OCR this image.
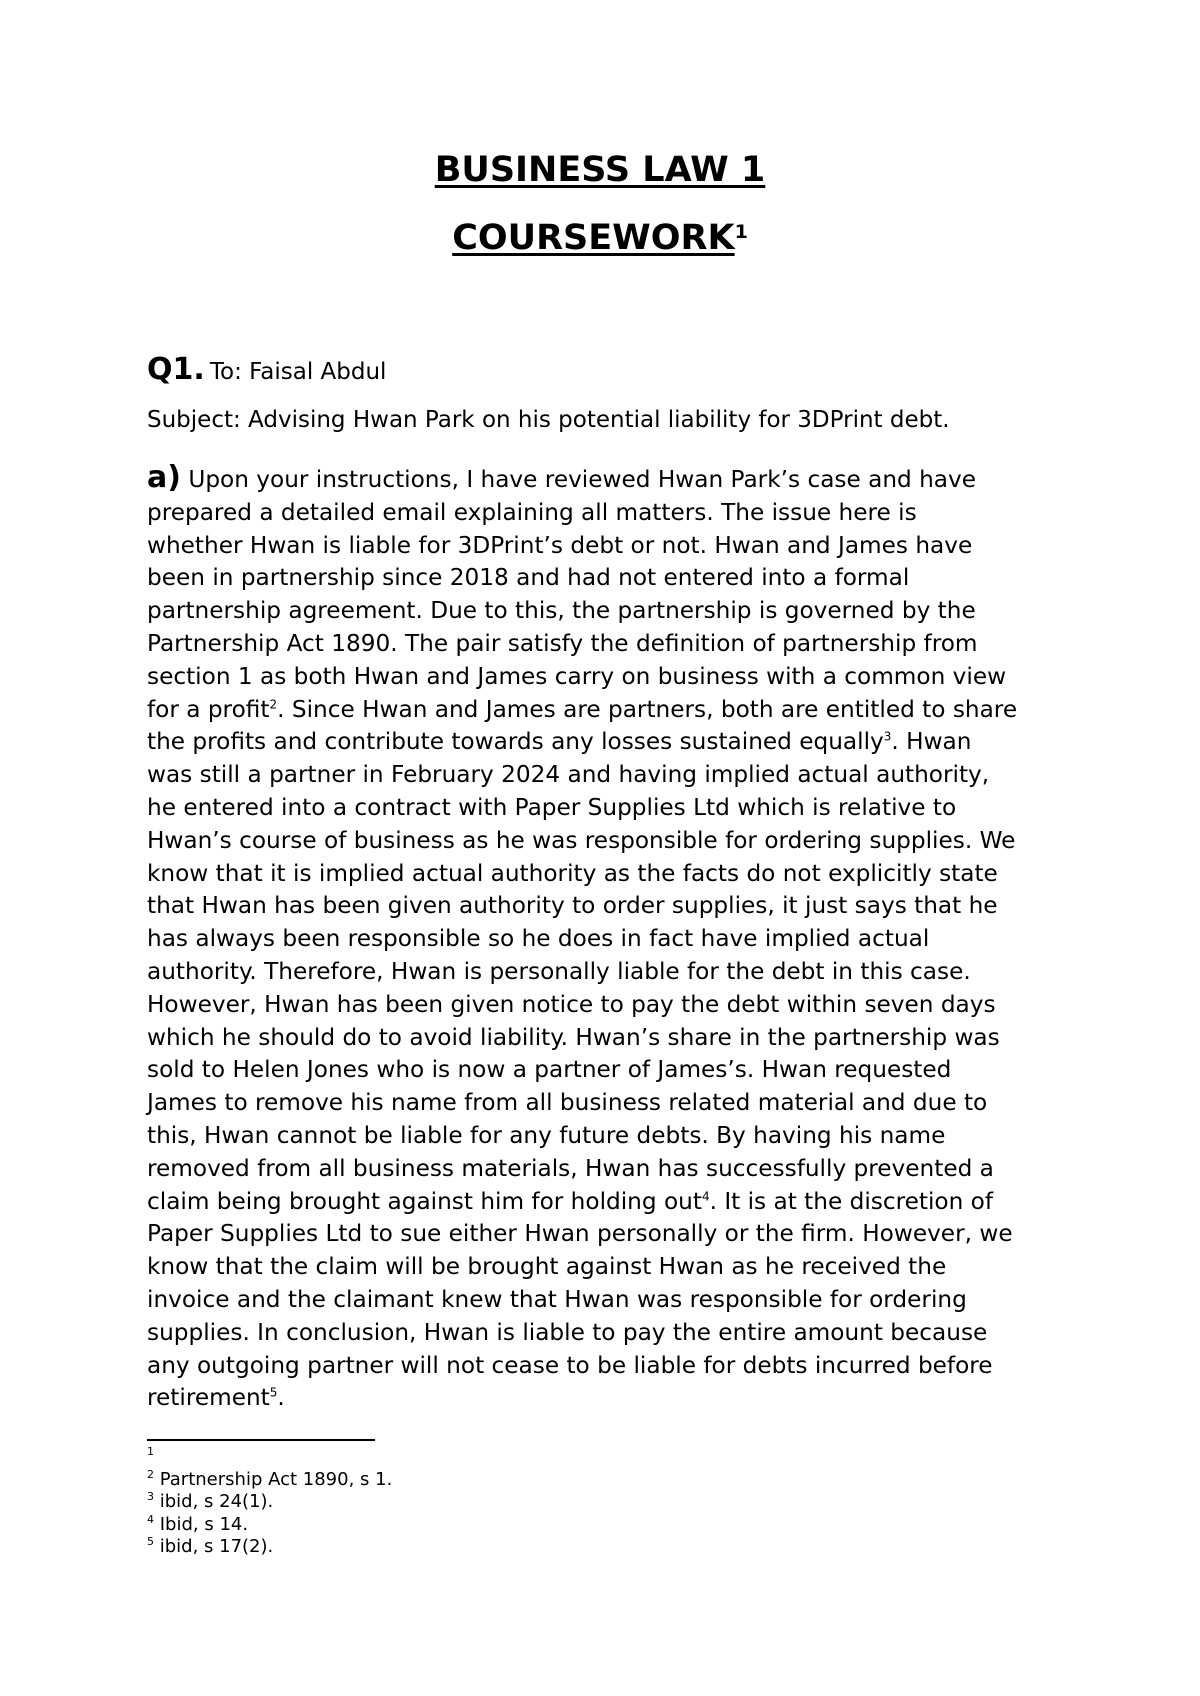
BUSINESS LAW 1
COURSEWORK$^1$
Q1. To: Faisal Abdul
Subject: Advising Hwan Park on his potential liability for 3DPrint debt.
a) Upon your instructions, I have reviewed Hwan Park’s case and have
prepared a detailed email explaining all matters. The issue here is
whether Hwan is liable for 3DPrint’s debt or not. Hwan and James have
been in partnership since 2018 and had not entered into a formal
partnership agreement. Due to this, the partnership is governed by the
Partnership Act 1890. The pair satisfy the definition of partnership from
section 1 as both Hwan and James carry on business with a common view
for a profit$^2$. Since Hwan and James are partners, both are entitled to share
the profits and contribute towards any losses sustained equally$^3$. Hwan
was still a partner in February 2024 and having implied actual authority,
he entered into a contract with Paper Supplies Ltd which is relative to
Hwan’s course of business as he was responsible for ordering supplies. We
know that it is implied actual authority as the facts do not explicitly state
that Hwan has been given authority to order supplies, it just says that he
has always been responsible so he does in fact have implied actual
authority. Therefore, Hwan is personally liable for the debt in this case.
However, Hwan has been given notice to pay the debt within seven days
which he should do to avoid liability. Hwan’s share in the partnership was
sold to Helen Jones who is now a partner of James’s. Hwan requested
James to remove his name from all business related material and due to
this, Hwan cannot be liable for any future debts. By having his name
removed from all business materials, Hwan has successfully prevented a
claim being brought against him for holding out$^4$. It is at the discretion of
Paper Supplies Ltd to sue either Hwan personally or the firm. However, we
know that the claim will be brought against Hwan as he received the
invoice and the claimant knew that Hwan was responsible for ordering
supplies. In conclusion, Hwan is liable to pay the entire amount because
any outgoing partner will not cease to be liable for debts incurred before
retirement$^5$.
$^1$
$^2$ Partnership Act 1890, s 1.
$^3$ ibid, s 24(1).
$^4$ Ibid, s 14.
$^5$ ibid, s 17(2).
